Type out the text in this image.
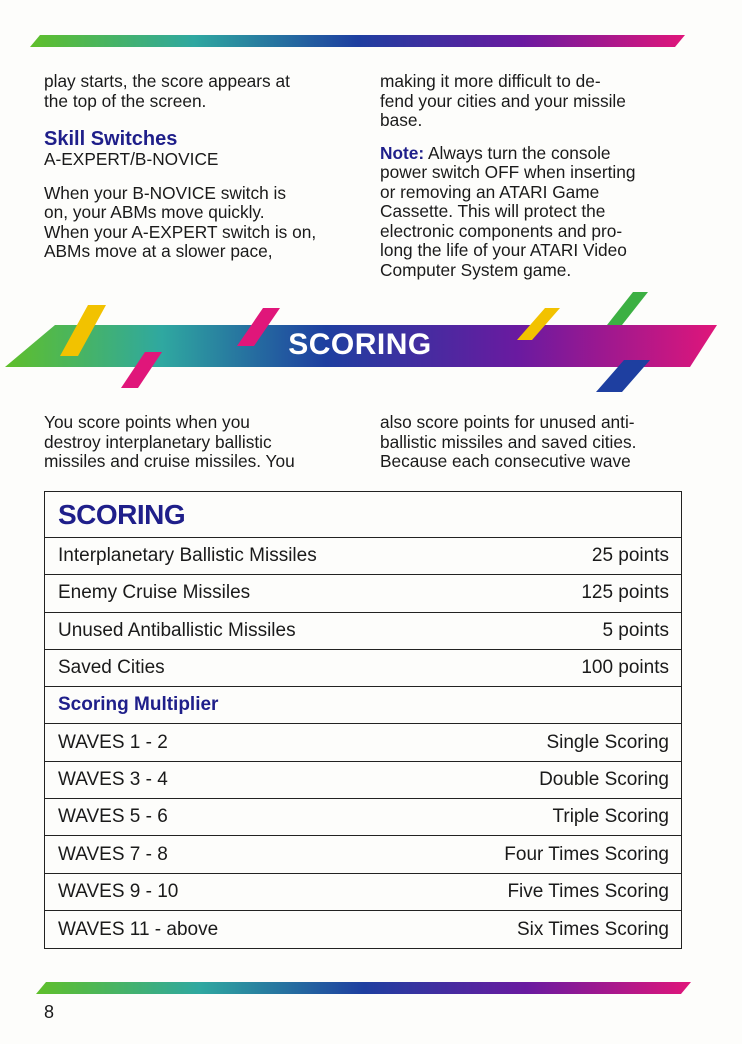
play starts, the score appears at

the top of the screen.

Skill Switches

A-EXPERT/B-NOVICE

When your B-NOVICE switch is

on, your ABMs move quickly.

When your A-EXPERT switch is on,

ABMs move at a slower pace,

making it more difficult to de-

fend your cities and your missile

base.

Note: Always turn the console

power switch OFF when inserting

or removing an ATARI Game

Cassette. This will protect the

electronic components and pro-

long the life of your ATARI Video

Computer System game.

SCORING

You score points when you

destroy interplanetary ballistic

missiles and cruise missiles. You

also score points for unused anti-

ballistic missiles and saved cities.

Because each consecutive wave

SCORING
Interplanetary Ballistic Missiles	25 points
Enemy Cruise Missiles	125 points
Unused Antiballistic Missiles	5 points
Saved Cities	100 points
Scoring Multiplier
WAVES 1 - 2	Single Scoring
WAVES 3 - 4	Double Scoring
WAVES 5 - 6	Triple Scoring
WAVES 7 - 8	Four Times Scoring
WAVES 9 - 10	Five Times Scoring
WAVES 11 - above	Six Times Scoring
8
